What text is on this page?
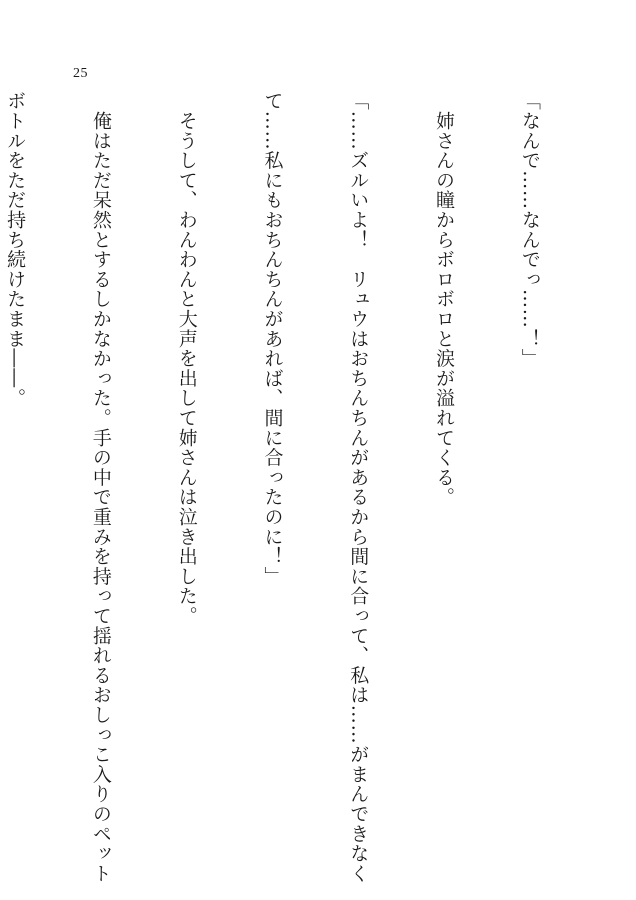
25

「なんで……なんでっ……！」

　姉さんの瞳からボロボロと涙が溢れてくる。

「……ズルいよ！　リュウはおちんちんがあるから間に合って、私は……がまんできなく

て……私にもおちんちんがあれば、間に合ったのに！」

　そうして、わんわんと大声を出して姉さんは泣き出した。

　俺はただ呆然とするしかなかった。手の中で重みを持って揺れるおしっこ入りのペット

ボトルをただ持ち続けたまま――。
